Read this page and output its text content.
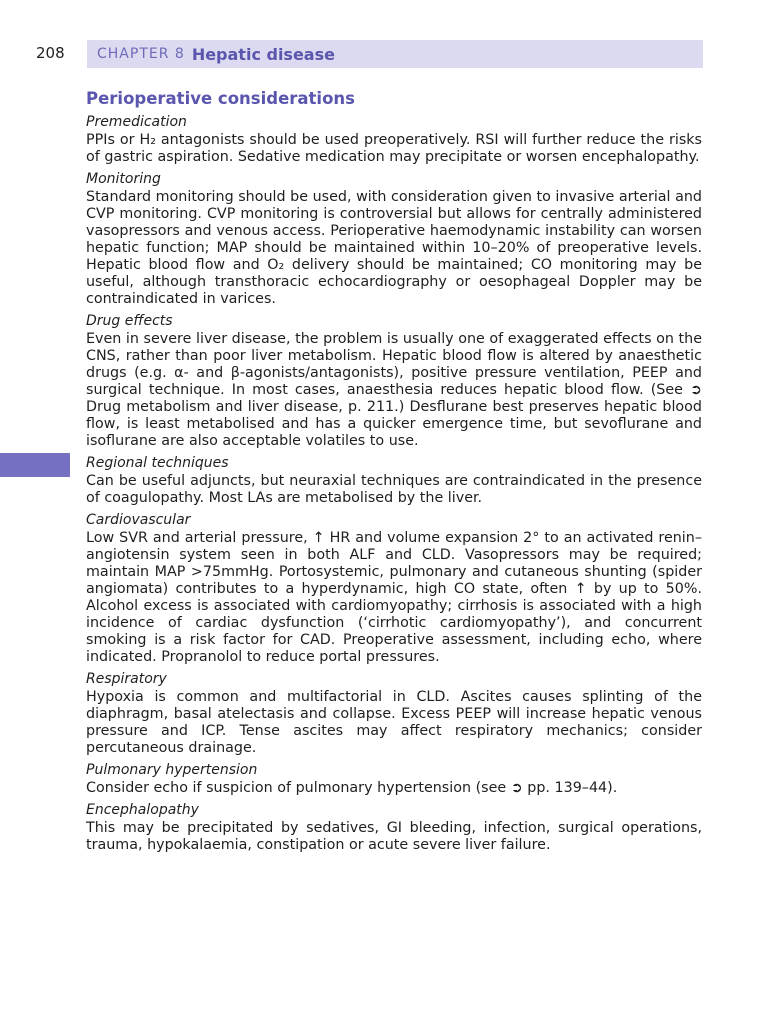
208 CHAPTER 8 Hepatic disease
Perioperative considerations
Premedication

PPIs or H₂ antagonists should be used preoperatively. RSI will further reduce the risks of gastric aspiration. Sedative medication may precipitate or worsen encephalopathy.

Monitoring

Standard monitoring should be used, with consideration given to invasive arterial and CVP monitoring. CVP monitoring is controversial but allows for centrally administered vasopressors and venous access. Perioperative haemodynamic instability can worsen hepatic function; MAP should be maintained within 10–20% of preoperative levels. Hepatic blood flow and O₂ delivery should be maintained; CO monitoring may be useful, although transthoracic echocardiography or oesophageal Doppler may be contraindicated in varices.

Drug effects

Even in severe liver disease, the problem is usually one of exaggerated effects on the CNS, rather than poor liver metabolism. Hepatic blood flow is altered by anaesthetic drugs (e.g. α- and β-agonists/antagonists), positive pressure ventilation, PEEP and surgical technique. In most cases, anaesthesia reduces hepatic blood flow. (See ➲ Drug metabolism and liver disease, p. 211.) Desflurane best preserves hepatic blood flow, is least metabolised and has a quicker emergence time, but sevoflurane and isoflurane are also acceptable volatiles to use.

Regional techniques

Can be useful adjuncts, but neuraxial techniques are contraindicated in the presence of coagulopathy. Most LAs are metabolised by the liver.

Cardiovascular

Low SVR and arterial pressure, ↑ HR and volume expansion 2° to an activated renin–angiotensin system seen in both ALF and CLD. Vasopressors may be required; maintain MAP >75mmHg. Portosystemic, pulmonary and cutaneous shunting (spider angiomata) contributes to a hyperdynamic, high CO state, often ↑ by up to 50%. Alcohol excess is associated with cardiomyopathy; cirrhosis is associated with a high incidence of cardiac dysfunction (‘cirrhotic cardiomyopathy’), and concurrent smoking is a risk factor for CAD. Preoperative assessment, including echo, where indicated. Propranolol to reduce portal pressures.

Respiratory

Hypoxia is common and multifactorial in CLD. Ascites causes splinting of the diaphragm, basal atelectasis and collapse. Excess PEEP will increase hepatic venous pressure and ICP. Tense ascites may affect respiratory mechanics; consider percutaneous drainage.

Pulmonary hypertension

Consider echo if suspicion of pulmonary hypertension (see ➲ pp. 139–44).

Encephalopathy

This may be precipitated by sedatives, GI bleeding, infection, surgical operations, trauma, hypokalaemia, constipation or acute severe liver failure.
